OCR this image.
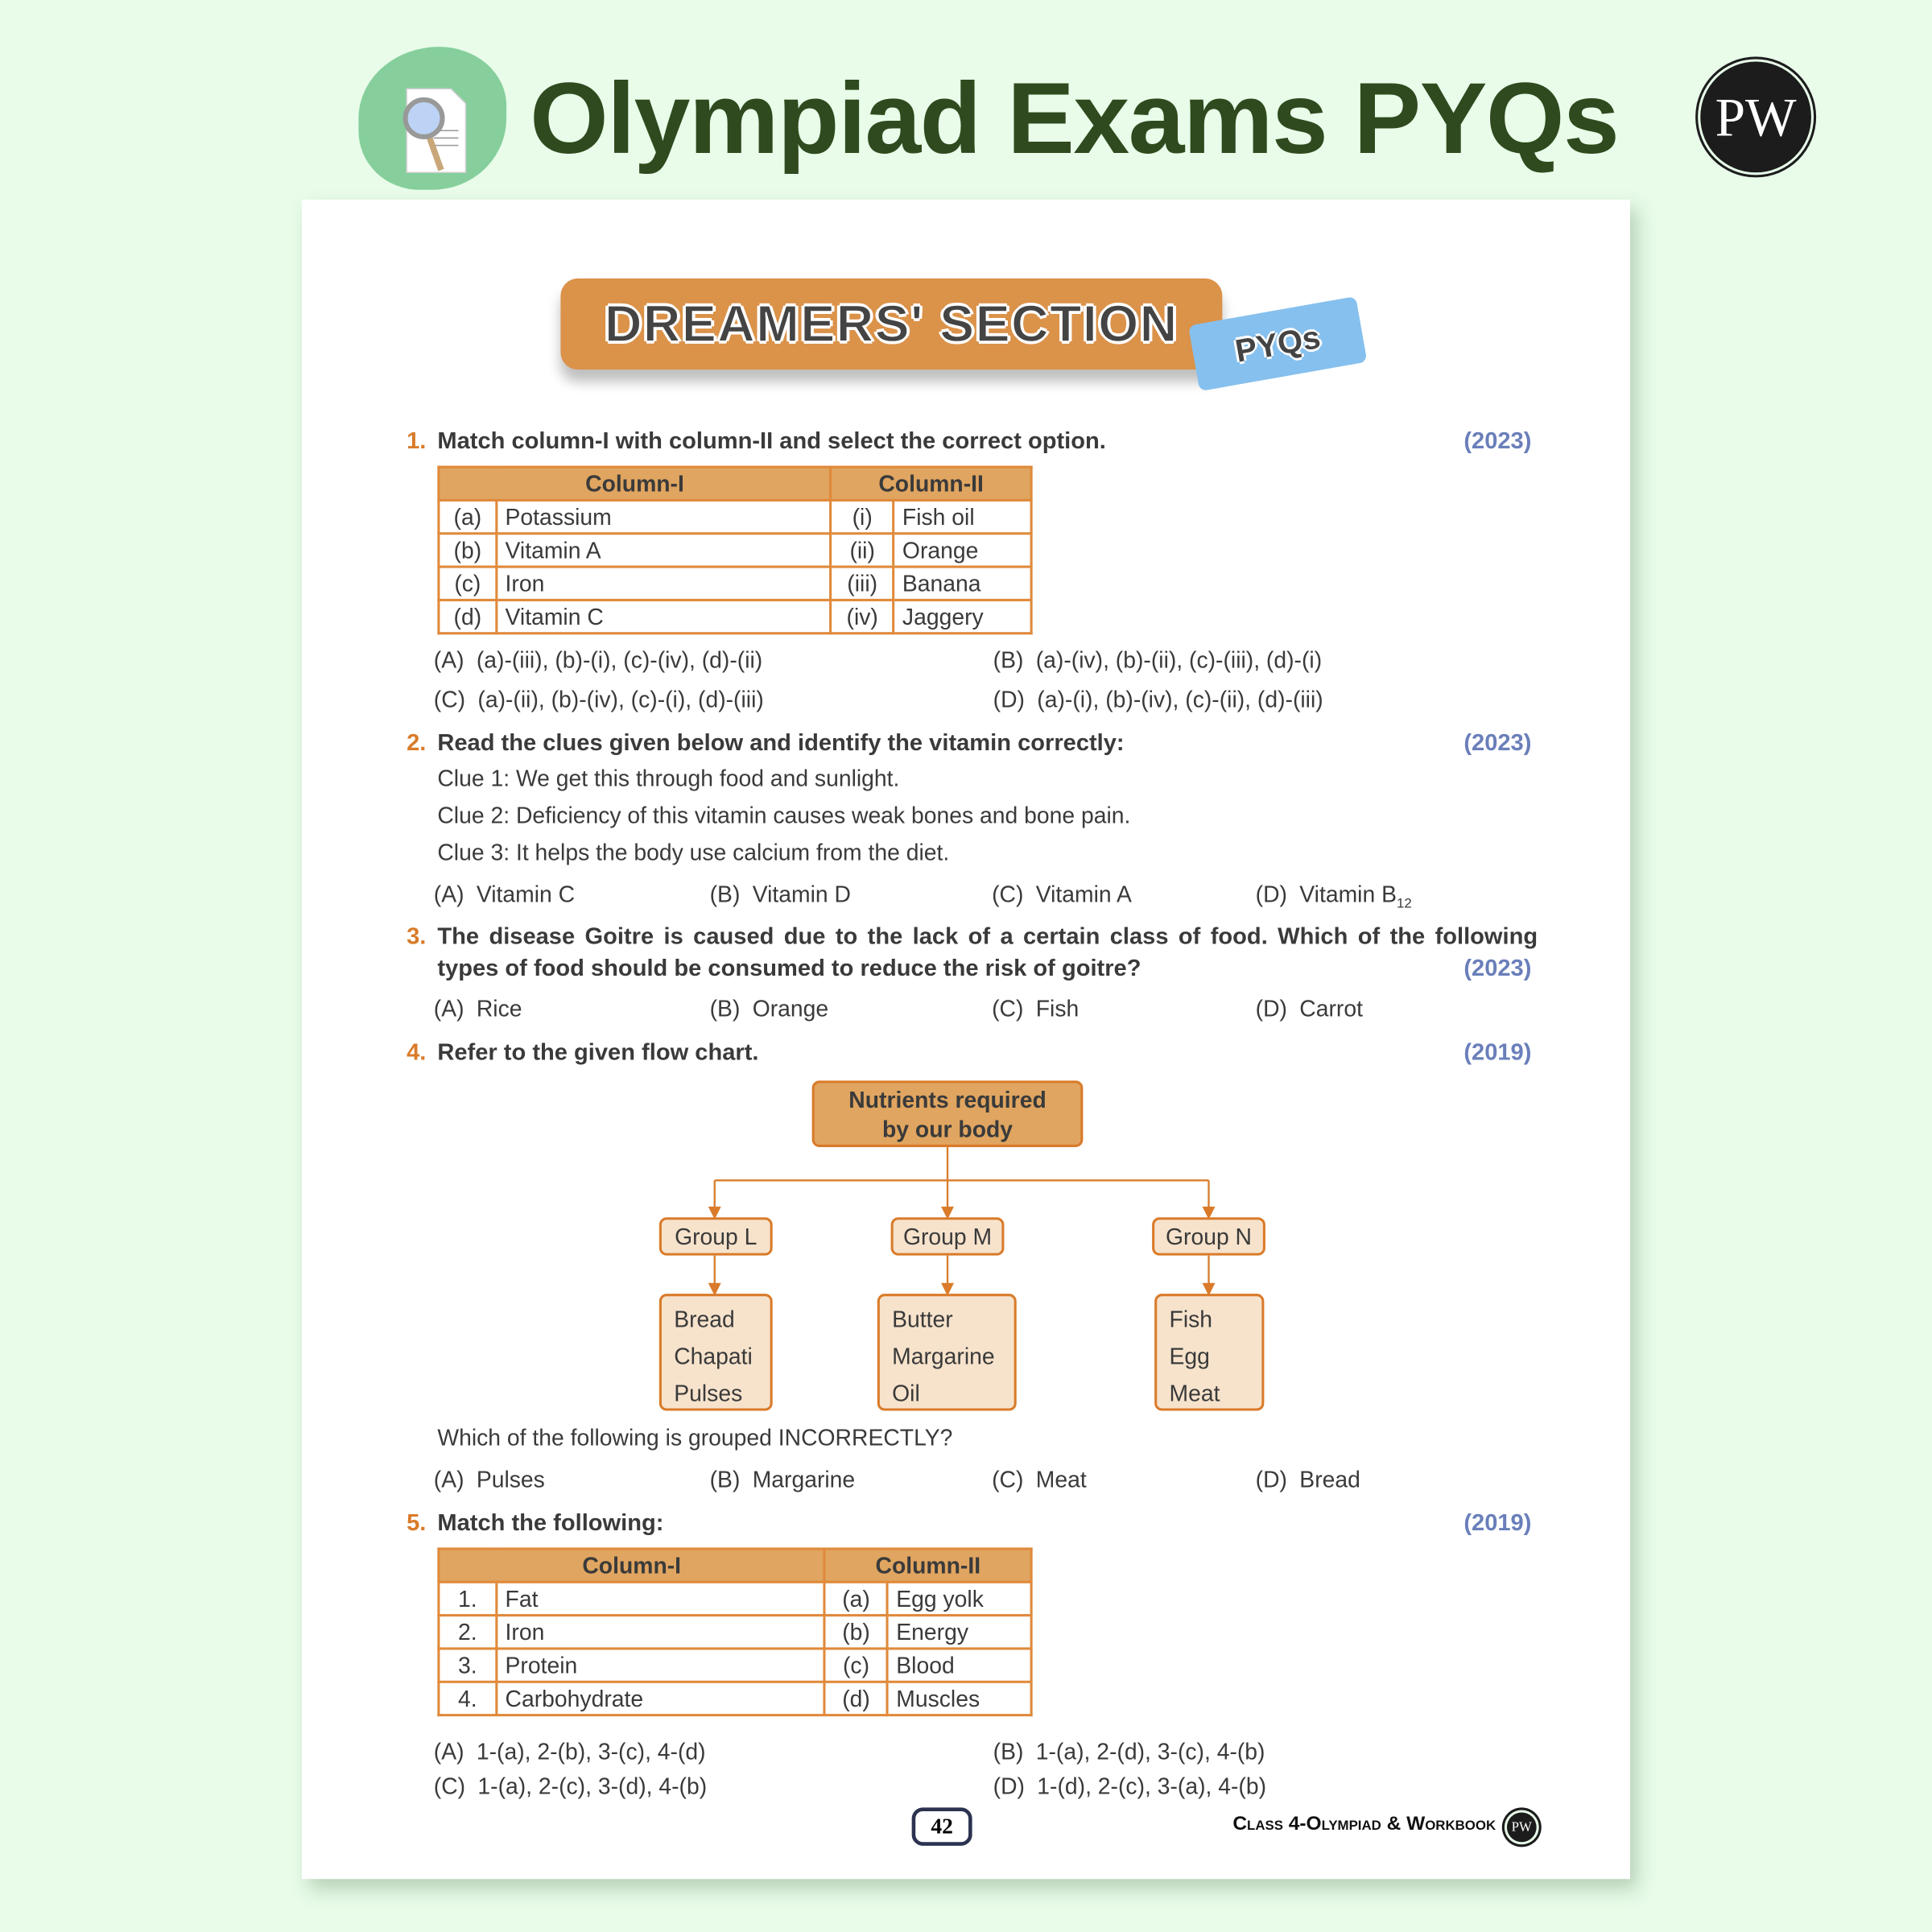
Olympiad Exams PYQs	PW
DREAMERS' SECTION	PYQs
1. Match column-I with column-II and select the correct option.	(2023)
Column-I		Column-II	
(a)	Potassium	(i)	Fish oil
(b)	Vitamin A	(ii)	Orange
(c)	Iron	(iii)	Banana
(d)	Vitamin C	(iv)	Jaggery
(A) (a)-(iii), (b)-(i), (c)-(iv), (d)-(ii)	(B) (a)-(iv), (b)-(ii), (c)-(iii), (d)-(i)
(C) (a)-(ii), (b)-(iv), (c)-(i), (d)-(iii)	(D) (a)-(i), (b)-(iv), (c)-(ii), (d)-(iii)
2. Read the clues given below and identify the vitamin correctly:	(2023)
Clue 1: We get this through food and sunlight.
Clue 2: Deficiency of this vitamin causes weak bones and bone pain.
Clue 3: It helps the body use calcium from the diet.
(A) Vitamin C	(B) Vitamin D	(C) Vitamin A	(D) Vitamin $B_{12}$
3. The disease Goitre is caused due to the lack of a certain class of food. Which of the following
types of food should be consumed to reduce the risk of goitre?	(2023)
(A) Rice	(B) Orange	(C) Fish	(D) Carrot
4. Refer to the given flow chart.	(2019)
Nutrients required
by our body
Group L
Bread
Chapati
Pulses
Group M
Butter
Margarine
Oil
Group N
Fish
Egg
Meat
Which of the following is grouped INCORRECTLY?
(A) Pulses	(B) Margarine	(C) Meat	(D) Bread
5. Match the following:	(2019)
Column-I		Column-II	
1.	Fat	(a)	Egg yolk
2.	Iron	(b)	Energy
3.	Protein	(c)	Blood
4.	Carbohydrate	(d)	Muscles
(A) 1-(a), 2-(b), 3-(c), 4-(d)	(B) 1-(a), 2-(d), 3-(c), 4-(b)
(C) 1-(a), 2-(c), 3-(d), 4-(b)	(D) 1-(d), 2-(c), 3-(a), 4-(b)
42	Class 4-Olympiad & Workbook PW
